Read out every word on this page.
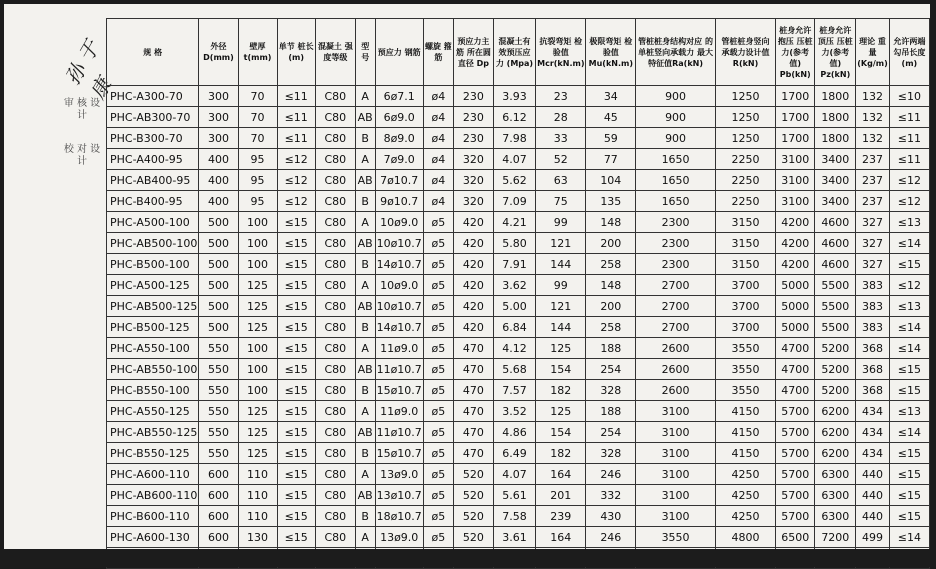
孙 于康
审 核 设 计
校 对 设 计
规 格	外径 D(mm)	壁厚 t(mm)	单节 桩长 (m)	混凝土 强度等级	型 号	预应力 钢筋	螺旋 箍筋	预应力主筋 所在圆直径 Dp	混凝土有 效预压应力 (Mpa)	抗裂弯矩 检验值 Mcr(kN.m)	极限弯矩 检验值 Mu(kN.m)	管桩桩身结构对应 的单桩竖向承载力 最大特征值Ra(kN)	管桩桩身竖向 承载力设计值 R(kN)	桩身允许抱压 压桩力(参考值) Pb(kN)	桩身允许顶压 压桩力(参考值) Pz(kN)	理论 重量 (Kg/m)	允许两端 勾吊长度 (m)
PHC-A300-70	300	70	≤11	C80	A	6ø7.1	ø4	230	3.93	23	34	900	1250	1700	1800	132	≤10
PHC-AB300-70	300	70	≤11	C80	AB	6ø9.0	ø4	230	6.12	28	45	900	1250	1700	1800	132	≤11
PHC-B300-70	300	70	≤11	C80	B	8ø9.0	ø4	230	7.98	33	59	900	1250	1700	1800	132	≤11
PHC-A400-95	400	95	≤12	C80	A	7ø9.0	ø4	320	4.07	52	77	1650	2250	3100	3400	237	≤11
PHC-AB400-95	400	95	≤12	C80	AB	7ø10.7	ø4	320	5.62	63	104	1650	2250	3100	3400	237	≤12
PHC-B400-95	400	95	≤12	C80	B	9ø10.7	ø4	320	7.09	75	135	1650	2250	3100	3400	237	≤12
PHC-A500-100	500	100	≤15	C80	A	10ø9.0	ø5	420	4.21	99	148	2300	3150	4200	4600	327	≤13
PHC-AB500-100	500	100	≤15	C80	AB	10ø10.7	ø5	420	5.80	121	200	2300	3150	4200	4600	327	≤14
PHC-B500-100	500	100	≤15	C80	B	14ø10.7	ø5	420	7.91	144	258	2300	3150	4200	4600	327	≤15
PHC-A500-125	500	125	≤15	C80	A	10ø9.0	ø5	420	3.62	99	148	2700	3700	5000	5500	383	≤12
PHC-AB500-125	500	125	≤15	C80	AB	10ø10.7	ø5	420	5.00	121	200	2700	3700	5000	5500	383	≤13
PHC-B500-125	500	125	≤15	C80	B	14ø10.7	ø5	420	6.84	144	258	2700	3700	5000	5500	383	≤14
PHC-A550-100	550	100	≤15	C80	A	11ø9.0	ø5	470	4.12	125	188	2600	3550	4700	5200	368	≤14
PHC-AB550-100	550	100	≤15	C80	AB	11ø10.7	ø5	470	5.68	154	254	2600	3550	4700	5200	368	≤15
PHC-B550-100	550	100	≤15	C80	B	15ø10.7	ø5	470	7.57	182	328	2600	3550	4700	5200	368	≤15
PHC-A550-125	550	125	≤15	C80	A	11ø9.0	ø5	470	3.52	125	188	3100	4150	5700	6200	434	≤13
PHC-AB550-125	550	125	≤15	C80	AB	11ø10.7	ø5	470	4.86	154	254	3100	4150	5700	6200	434	≤14
PHC-B550-125	550	125	≤15	C80	B	15ø10.7	ø5	470	6.49	182	328	3100	4150	5700	6200	434	≤15
PHC-A600-110	600	110	≤15	C80	A	13ø9.0	ø5	520	4.07	164	246	3100	4250	5700	6300	440	≤15
PHC-AB600-110	600	110	≤15	C80	AB	13ø10.7	ø5	520	5.61	201	332	3100	4250	5700	6300	440	≤15
PHC-B600-110	600	110	≤15	C80	B	18ø10.7	ø5	520	7.58	239	430	3100	4250	5700	6300	440	≤15
PHC-A600-130	600	130	≤15	C80	A	13ø9.0	ø5	520	3.61	164	246	3550	4800	6500	7200	499	≤14
